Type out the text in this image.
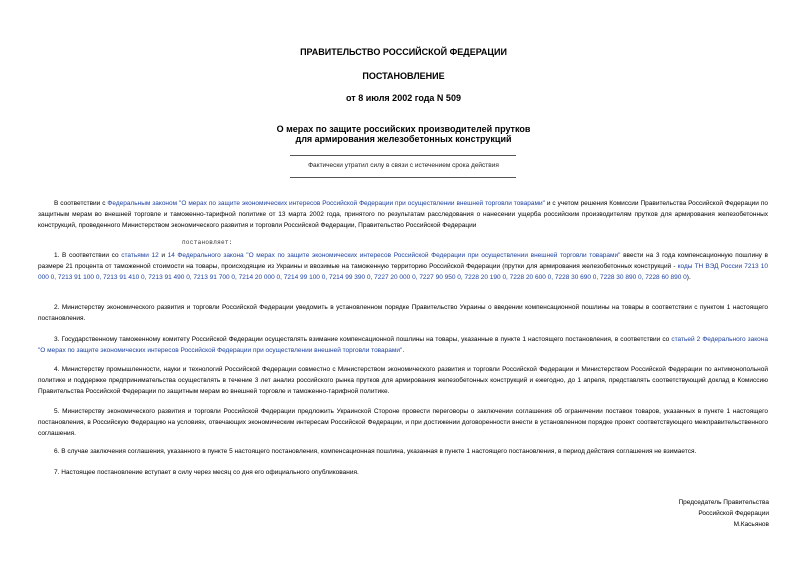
ПРАВИТЕЛЬСТВО РОССИЙСКОЙ ФЕДЕРАЦИИ
ПОСТАНОВЛЕНИЕ
от 8 июля 2002 года N 509
О мерах по защите российских производителей прутков
для армирования железобетонных конструкций
Фактически утратил силу в связи с истечением срока действия

В соответствии с Федеральным законом "О мерах по защите экономических интересов Российской Федерации при осуществлении внешней торговли товарами" и с учетом решения Комиссии Правительства Российской Федерации по защитным мерам во внешней торговле и таможенно-тарифной политике от 13 марта 2002 года, принятого по результатам расследования о нанесении ущерба российским производителям прутков для армирования железобетонных конструкций, проведенного Министерством экономического развития и торговли Российской Федерации, Правительство Российской Федерации

постановляет:

1. В соответствии со статьями 12 и 14 Федерального закона "О мерах по защите экономических интересов Российской Федерации при осуществлении внешней торговли товарами" ввести на 3 года компенсационную пошлину в размере 21 процента от таможенной стоимости на товары, происходящие из Украины и ввозимые на таможенную территорию Российской Федерации (прутки для армирования железобетонных конструкций - коды ТН ВЭД России 7213 10 000 0, 7213 91 100 0, 7213 91 410 0, 7213 91 490 0, 7213 91 700 0, 7214 20 000 0, 7214 99 100 0, 7214 99 390 0, 7227 20 000 0, 7227 90 950 0, 7228 20 190 0, 7228 20 600 0, 7228 30 690 0, 7228 30 890 0, 7228 60 890 0).

2. Министерству экономического развития и торговли Российской Федерации уведомить в установленном порядке Правительство Украины о введении компенсационной пошлины на товары в соответствии с пунктом 1 настоящего постановления.

3. Государственному таможенному комитету Российской Федерации осуществлять взимание компенсационной пошлины на товары, указанные в пункте 1 настоящего постановления, в соответствии со статьей 2 Федерального закона "О мерах по защите экономических интересов Российской Федерации при осуществлении внешней торговли товарами".

4. Министерству промышленности, науки и технологий Российской Федерации совместно с Министерством экономического развития и торговли Российской Федерации и Министерством Российской Федерации по антимонопольной политике и поддержке предпринимательства осуществлять в течение 3 лет анализ российского рынка прутков для армирования железобетонных конструкций и ежегодно, до 1 апреля, представлять соответствующий доклад в Комиссию Правительства Российской Федерации по защитным мерам во внешней торговле и таможенно-тарифной политике.

5. Министерству экономического развития и торговли Российской Федерации предложить Украинской Стороне провести переговоры о заключении соглашения об ограничении поставок товаров, указанных в пункте 1 настоящего постановления, в Российскую Федерацию на условиях, отвечающих экономическим интересам Российской Федерации, и при достижении договоренности внести в установленном порядке проект соответствующего межправительственного соглашения.

6. В случае заключения соглашения, указанного в пункте 5 настоящего постановления, компенсационная пошлина, указанная в пункте 1 настоящего постановления, в период действия соглашения не взимается.

7. Настоящее постановление вступает в силу через месяц со дня его официального опубликования.

Председатель Правительства
Российской Федерации
М.Касьянов
